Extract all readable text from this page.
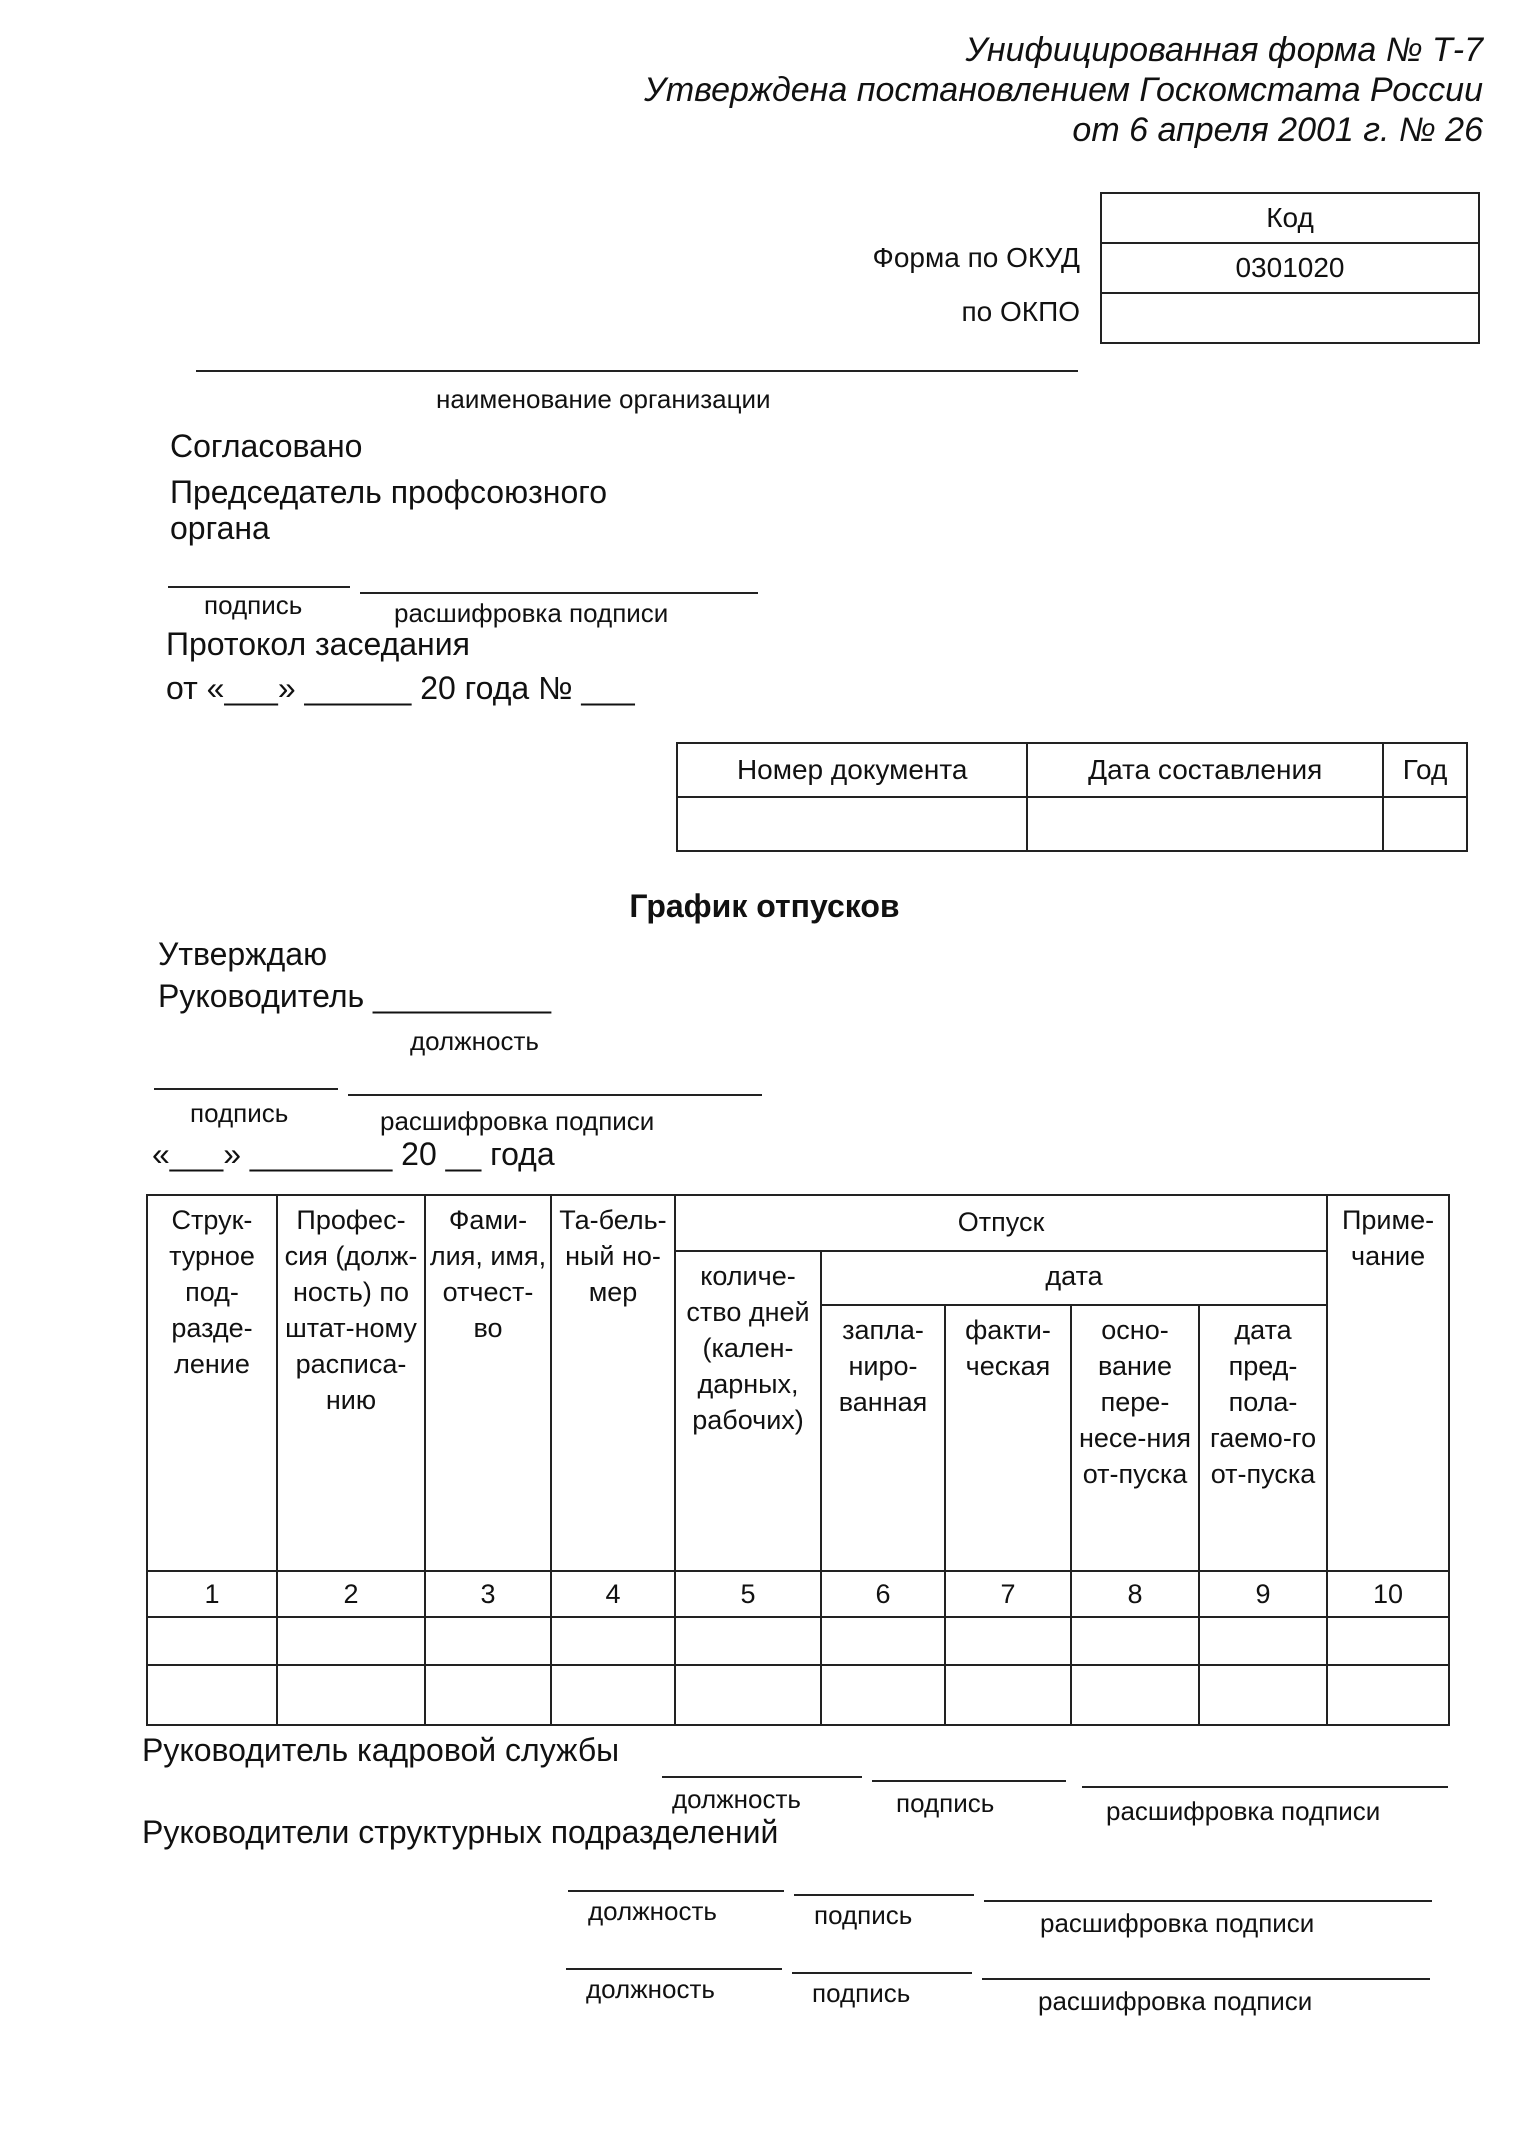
Унифицированная форма № Т-7
Утверждена постановлением Госкомстата России
от 6 апреля 2001 г. № 26
Код
0301020

Форма по ОКУД
по ОКПО
наименование организации
Согласовано
Председатель профсоюзного
органа
подпись	расшифровка подписи
Протокол заседания
от «___» ______ 20 года № ___
Номер документа	Дата составления	Год

График отпусков
Утверждаю
Руководитель __________
должность
подпись	расшифровка подписи
«___» ________ 20 __ года
Струк-турное под-разде-ление	Профес-сия (долж-ность) по штат-ному расписа-нию	Фами-лия, имя, отчест-во	Та-бель-ный но-мер	Отпуск					Приме-чание
				количе-ство дней (кален-дарных, рабочих)	дата				
					запла-ниро-ванная	факти-ческая	осно-вание пере-несе-ния от-пуска	дата пред-пола-гаемо-го от-пуска	
1	2	3	4	5	6	7	8	9	10

Руководитель кадровой службы
должность	подпись	расшифровка подписи
Руководители структурных подразделений
должность	подпись	расшифровка подписи
должность	подпись	расшифровка подписи
